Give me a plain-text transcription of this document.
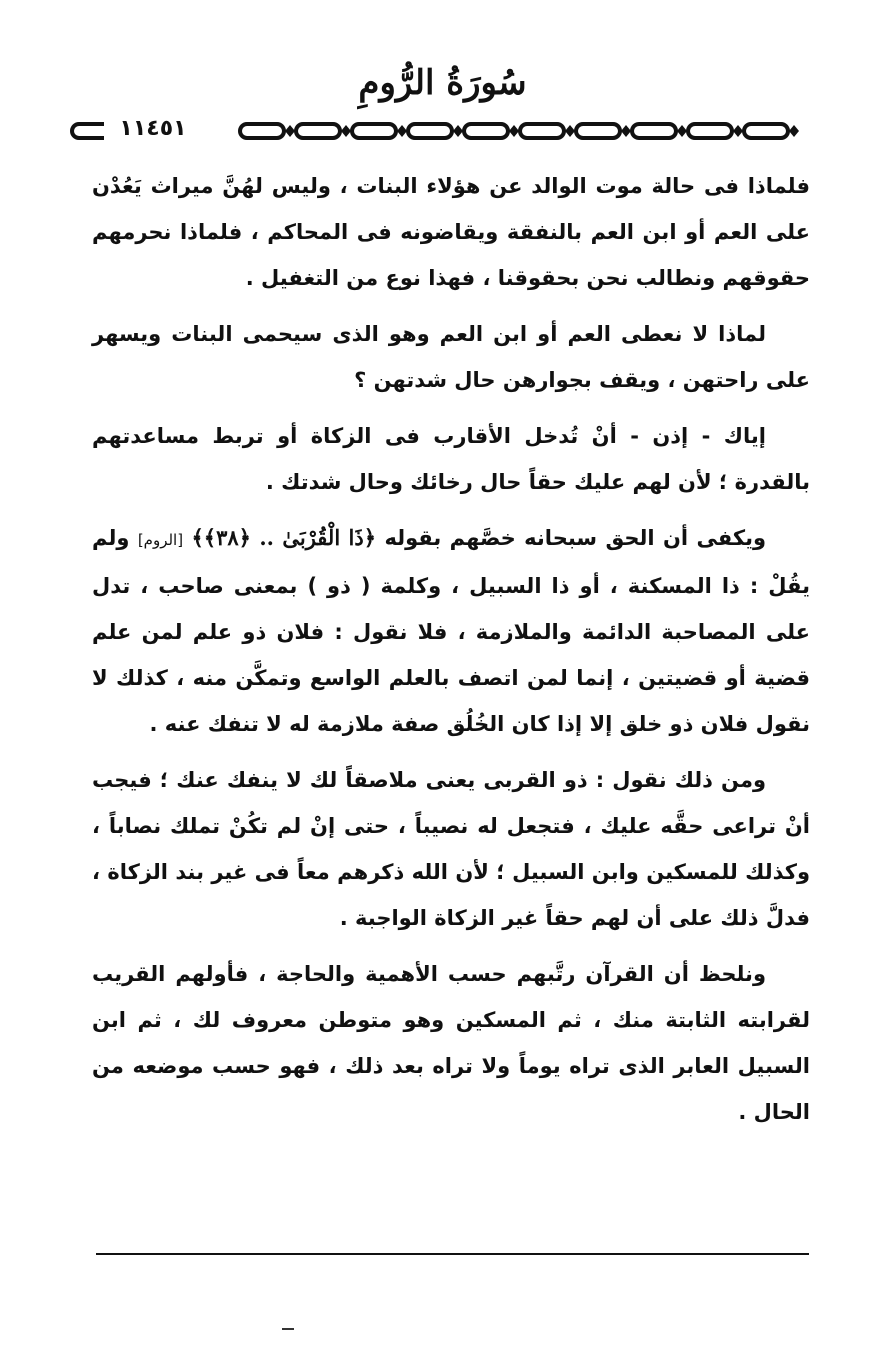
سُورَةُ الرُّومِ
١١٤٥١

فلماذا فى حالة موت الوالد عن هؤلاء البنات ، وليس لهُنَّ ميراث يَعُدْن على العم أو ابن العم بالنفقة ويقاضونه فى المحاكم ، فلماذا نحرمهم حقوقهم ونطالب نحن بحقوقنا ، فهذا نوع من التغفيل .

لماذا لا نعطى العم أو ابن العم وهو الذى سيحمى البنات ويسهر على راحتهن ، ويقف بجوارهن حال شدتهن ؟

إياك - إذن - أنْ تُدخل الأقارب فى الزكاة أو تربط مساعدتهم بالقدرة ؛ لأن لهم عليك حقاً حال رخائك وحال شدتك .

ويكفى أن الحق سبحانه خصَّهم بقوله ﴿ذَا الْقُرْبَىٰ .. ﴿٣٨﴾﴾ [الروم] ولم يقُلْ : ذا المسكنة ، أو ذا السبيل ، وكلمة ( ذو ) بمعنى صاحب ، تدل على المصاحبة الدائمة والملازمة ، فلا نقول : فلان ذو علم لمن علم قضية أو قضيتين ، إنما لمن اتصف بالعلم الواسع وتمكَّن منه ، كذلك لا نقول فلان ذو خلق إلا إذا كان الخُلُق صفة ملازمة له لا تنفك عنه .

ومن ذلك نقول : ذو القربى يعنى ملاصقاً لك لا ينفك عنك ؛ فيجب أنْ تراعى حقَّه عليك ، فتجعل له نصيباً ، حتى إنْ لم تكُنْ تملك نصاباً ، وكذلك للمسكين وابن السبيل ؛ لأن الله ذكرهم معاً فى غير بند الزكاة ، فدلَّ ذلك على أن لهم حقاً غير الزكاة الواجبة .

ونلحظ أن القرآن رتَّبهم حسب الأهمية والحاجة ، فأولهم القريب لقرابته الثابتة منك ، ثم المسكين وهو متوطن معروف لك ، ثم ابن السبيل العابر الذى تراه يوماً ولا تراه بعد ذلك ، فهو حسب موضعه من الحال .
